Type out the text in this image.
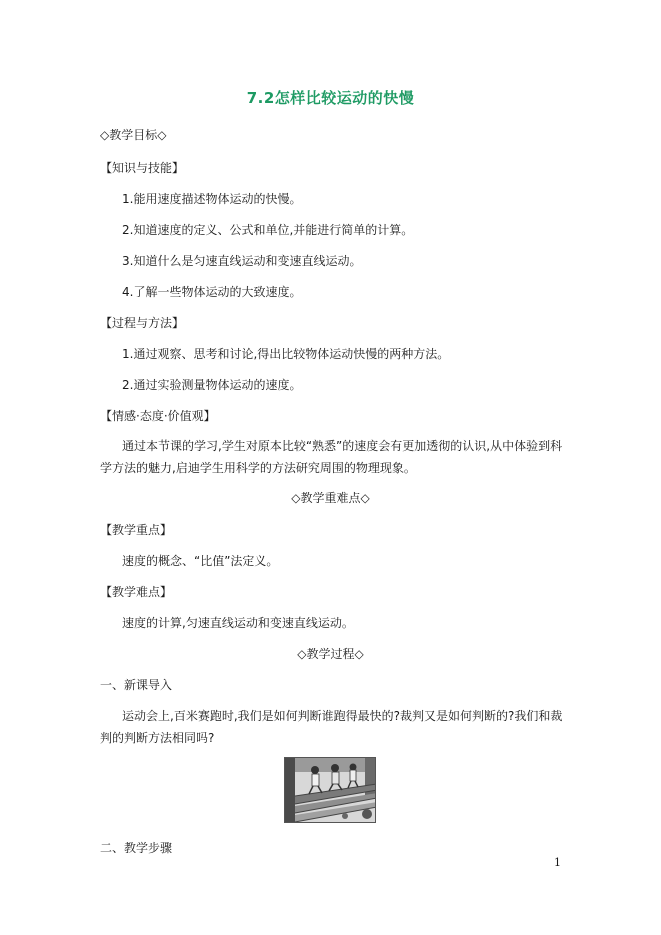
7.2怎样比较运动的快慢
◇教学目标◇
【知识与技能】
1.能用速度描述物体运动的快慢。
2.知道速度的定义、公式和单位,并能进行简单的计算。
3.知道什么是匀速直线运动和变速直线运动。
4.了解一些物体运动的大致速度。
【过程与方法】
1.通过观察、思考和讨论,得出比较物体运动快慢的两种方法。
2.通过实验测量物体运动的速度。
【情感·态度·价值观】
通过本节课的学习,学生对原本比较“熟悉”的速度会有更加透彻的认识,从中体验到科
学方法的魅力,启迪学生用科学的方法研究周围的物理现象。
◇教学重难点◇
【教学重点】
速度的概念、“比值”法定义。
【教学难点】
速度的计算,匀速直线运动和变速直线运动。
◇教学过程◇
一、新课导入
运动会上,百米赛跑时,我们是如何判断谁跑得最快的?裁判又是如何判断的?我们和裁
判的判断方法相同吗?
二、教学步骤
1
